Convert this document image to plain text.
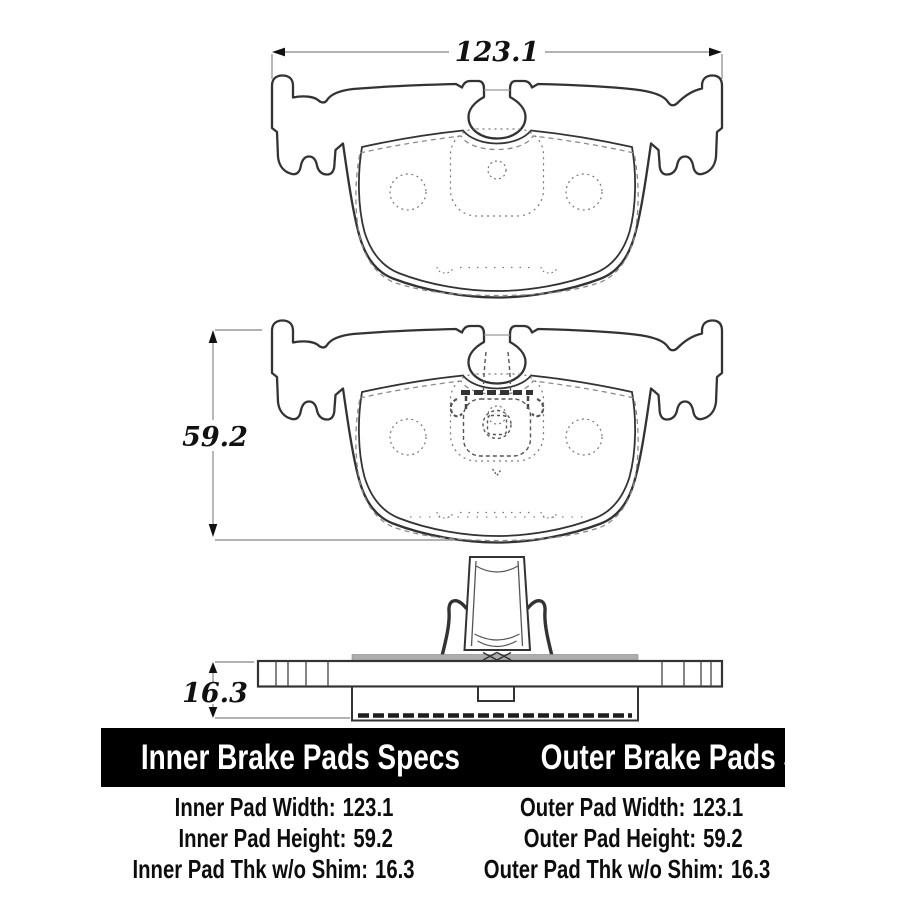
123.1
59.2
16.3
Inner Brake Pads Specs	Outer Brake Pads Specs
Inner Pad Width: 123.1	Outer Pad Width: 123.1
Inner Pad Height: 59.2	Outer Pad Height: 59.2
Inner Pad Thk w/o Shim: 16.3	Outer Pad Thk w/o Shim: 16.3
